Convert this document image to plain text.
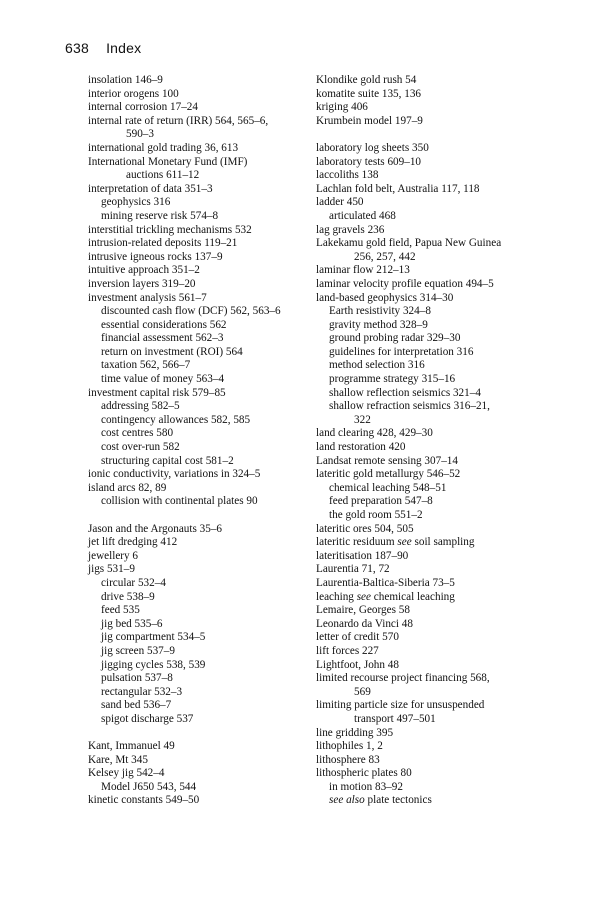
638 Index
insolation 146–9
interior orogens 100
internal corrosion 17–24
internal rate of return (IRR) 564, 565–6,
590–3
international gold trading 36, 613
International Monetary Fund (IMF)
auctions 611–12
interpretation of data 351–3
geophysics 316
mining reserve risk 574–8
interstitial trickling mechanisms 532
intrusion-related deposits 119–21
intrusive igneous rocks 137–9
intuitive approach 351–2
inversion layers 319–20
investment analysis 561–7
discounted cash flow (DCF) 562, 563–6
essential considerations 562
financial assessment 562–3
return on investment (ROI) 564
taxation 562, 566–7
time value of money 563–4
investment capital risk 579–85
addressing 582–5
contingency allowances 582, 585
cost centres 580
cost over-run 582
structuring capital cost 581–2
ionic conductivity, variations in 324–5
island arcs 82, 89
collision with continental plates 90
Jason and the Argonauts 35–6
jet lift dredging 412
jewellery 6
jigs 531–9
circular 532–4
drive 538–9
feed 535
jig bed 535–6
jig compartment 534–5
jig screen 537–9
jigging cycles 538, 539
pulsation 537–8
rectangular 532–3
sand bed 536–7
spigot discharge 537
Kant, Immanuel 49
Kare, Mt 345
Kelsey jig 542–4
Model J650 543, 544
kinetic constants 549–50
Klondike gold rush 54
komatite suite 135, 136
kriging 406
Krumbein model 197–9
laboratory log sheets 350
laboratory tests 609–10
laccoliths 138
Lachlan fold belt, Australia 117, 118
ladder 450
articulated 468
lag gravels 236
Lakekamu gold field, Papua New Guinea
256, 257, 442
laminar flow 212–13
laminar velocity profile equation 494–5
land-based geophysics 314–30
Earth resistivity 324–8
gravity method 328–9
ground probing radar 329–30
guidelines for interpretation 316
method selection 316
programme strategy 315–16
shallow reflection seismics 321–4
shallow refraction seismics 316–21,
322
land clearing 428, 429–30
land restoration 420
Landsat remote sensing 307–14
lateritic gold metallurgy 546–52
chemical leaching 548–51
feed preparation 547–8
the gold room 551–2
lateritic ores 504, 505
lateritic residuum see soil sampling
lateritisation 187–90
Laurentia 71, 72
Laurentia-Baltica-Siberia 73–5
leaching see chemical leaching
Lemaire, Georges 58
Leonardo da Vinci 48
letter of credit 570
lift forces 227
Lightfoot, John 48
limited recourse project financing 568,
569
limiting particle size for unsuspended
transport 497–501
line gridding 395
lithophiles 1, 2
lithosphere 83
lithospheric plates 80
in motion 83–92
see also plate tectonics
